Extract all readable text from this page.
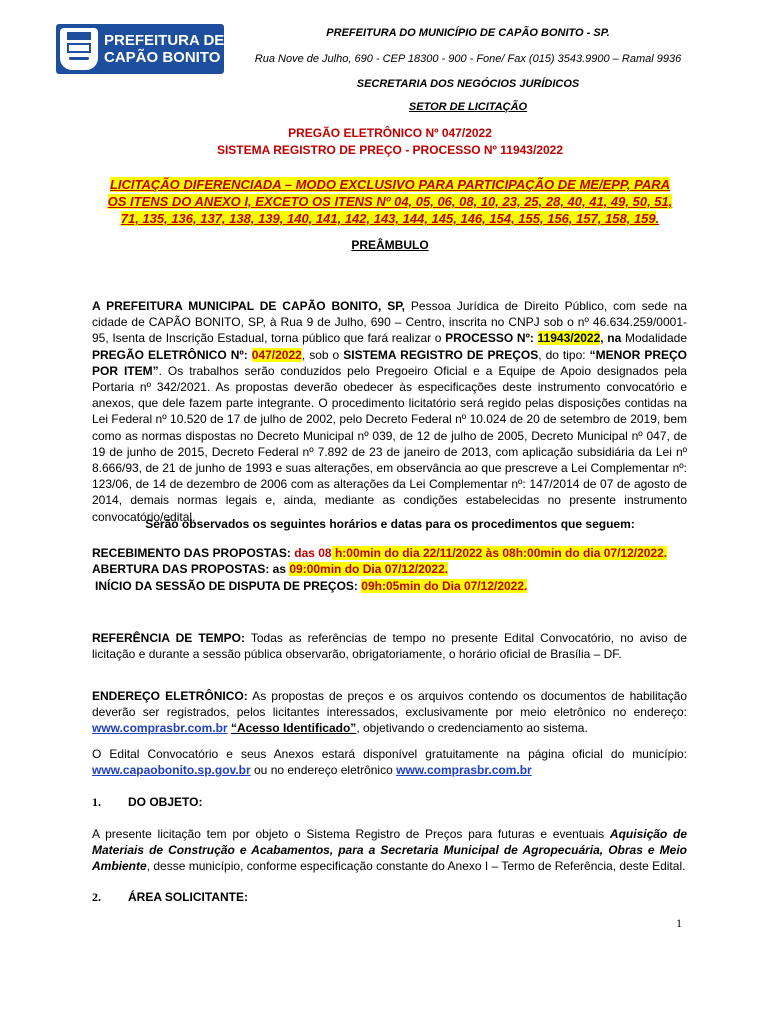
PREFEITURA DE
CAPÃO BONITO
PREFEITURA DO MUNICÍPIO DE CAPÃO BONITO - SP.
Rua Nove de Julho, 690 - CEP 18300 - 900 - Fone/ Fax (015) 3543.9900 – Ramal 9936
SECRETARIA DOS NEGÓCIOS JURÍDICOS
SETOR DE LICITAÇÃO
PREGÃO ELETRÔNICO Nº 047/2022
SISTEMA REGISTRO DE PREÇO - PROCESSO Nº 11943/2022
LICITAÇÃO DIFERENCIADA – MODO EXCLUSIVO PARA PARTICIPAÇÃO DE ME/EPP, PARA
OS ITENS DO ANEXO I, EXCETO OS ITENS Nº 04, 05, 06, 08, 10, 23, 25, 28, 40, 41, 49, 50, 51,
71, 135, 136, 137, 138, 139, 140, 141, 142, 143, 144, 145, 146, 154, 155, 156, 157, 158, 159.
PREÂMBULO
A PREFEITURA MUNICIPAL DE CAPÃO BONITO, SP, Pessoa Jurídica de Direito Público, com sede na cidade de CAPÃO BONITO, SP, à Rua 9 de Julho, 690 – Centro, inscrita no CNPJ sob o nº 46.634.259/0001-95, Isenta de Inscrição Estadual, torna público que fará realizar o PROCESSO Nº: 11943/2022, na Modalidade PREGÃO ELETRÔNICO Nº: 047/2022, sob o SISTEMA REGISTRO DE PREÇOS, do tipo: “MENOR PREÇO POR ITEM”. Os trabalhos serão conduzidos pelo Pregoeiro Oficial e a Equipe de Apoio designados pela Portaria nº 342/2021. As propostas deverão obedecer às especificações deste instrumento convocatório e anexos, que dele fazem parte integrante. O procedimento licitatório será regido pelas disposições contidas na Lei Federal nº 10.520 de 17 de julho de 2002, pelo Decreto Federal nº 10.024 de 20 de setembro de 2019, bem como as normas dispostas no Decreto Municipal nº 039, de 12 de julho de 2005, Decreto Municipal nº 047, de 19 de junho de 2015, Decreto Federal nº 7.892 de 23 de janeiro de 2013, com aplicação subsidiária da Lei nº 8.666/93, de 21 de junho de 1993 e suas alterações, em observância ao que prescreve a Lei Complementar nº: 123/06, de 14 de dezembro de 2006 com as alterações da Lei Complementar nº: 147/2014 de 07 de agosto de 2014, demais normas legais e, ainda, mediante as condições estabelecidas no presente instrumento convocatório/edital.
Serão observados os seguintes horários e datas para os procedimentos que seguem:
RECEBIMENTO DAS PROPOSTAS: das 08 h:00min do dia 22/11/2022 às 08h:00min do dia 07/12/2022.
ABERTURA DAS PROPOSTAS: as 09:00min do Dia 07/12/2022.
INÍCIO DA SESSÃO DE DISPUTA DE PREÇOS: 09h:05min do Dia 07/12/2022.
REFERÊNCIA DE TEMPO: Todas as referências de tempo no presente Edital Convocatório, no aviso de licitação e durante a sessão pública observarão, obrigatoriamente, o horário oficial de Brasília – DF.
ENDEREÇO ELETRÔNICO: As propostas de preços e os arquivos contendo os documentos de habilitação deverão ser registrados, pelos licitantes interessados, exclusivamente por meio eletrônico no endereço: www.comprasbr.com.br “Acesso Identificado”, objetivando o credenciamento ao sistema.
O Edital Convocatório e seus Anexos estará disponível gratuitamente na página oficial do município: www.capaobonito.sp.gov.br ou no endereço eletrônico www.comprasbr.com.br
1. DO OBJETO:
A presente licitação tem por objeto o Sistema Registro de Preços para futuras e eventuais Aquisição de Materiais de Construção e Acabamentos, para a Secretaria Municipal de Agropecuária, Obras e Meio Ambiente, desse município, conforme especificação constante do Anexo I – Termo de Referência, deste Edital.
2. ÁREA SOLICITANTE:
1
